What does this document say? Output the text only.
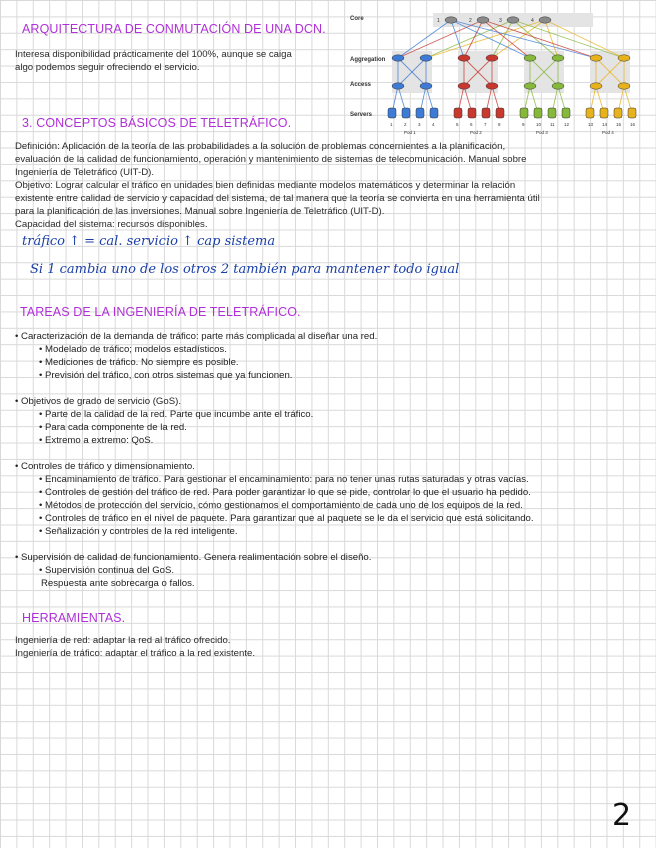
ARQUITECTURA DE CONMUTACIÓN DE UNA DCN.
Interesa disponibilidad prácticamente del 100%, aunque se caiga
algo podemos seguir ofreciendo el servicio.
1	2	3	4
1	2	3	4
Pod 1
5	6	7	8
Pod 2
9	10 11 12
Pod 3
13 14 15 16
Pod 4
Core
Aggregation
Access
Servers
3. CONCEPTOS BÁSICOS DE TELETRÁFICO.
Definición: Aplicación de la teoría de las probabilidades a la solución de problemas concernientes a la planificación,
evaluación de la calidad de funcionamiento, operación y mantenimiento de sistemas de telecomunicación. Manual sobre
Ingeniería de Teletráfico (UIT-D).
Objetivo: Lograr calcular el tráfico en unidades bien definidas mediante modelos matemáticos y determinar la relación
existente entre calidad de servicio y capacidad del sistema, de tal manera que la teoría se convierta en una herramienta útil
para la planificación de las inversiones. Manual sobre Ingeniería de Teletráfico (UIT-D).
Capacidad del sistema: recursos disponibles.
tráfico ↑ = cal. servicio ↑ cap sistema
Si 1 cambia uno de los otros 2 también para mantener todo igual
TAREAS DE LA INGENIERÍA DE TELETRÁFICO.
• Caracterización de la demanda de tráfico: parte más complicada al diseñar una red.
• Modelado de tráfico; modelos estadísticos.
• Mediciones de tráfico. No siempre es posible.
• Previsión del tráfico, con otros sistemas que ya funcionen.
• Objetivos de grado de servicio (GoS).
• Parte de la calidad de la red. Parte que incumbe ante el tráfico.
• Para cada componente de la red.
• Extremo a extremo: QoS.
• Controles de tráfico y dimensionamiento.
• Encaminamiento de tráfico. Para gestionar el encaminamiento: para no tener unas rutas saturadas y otras vacías.
• Controles de gestión del tráfico de red. Para poder garantizar lo que se pide, controlar lo que el usuario ha pedido.
• Métodos de protección del servicio, cómo gestionamos el comportamiento de cada uno de los equipos de la red.
• Controles de tráfico en el nivel de paquete. Para garantizar que al paquete se le da el servicio que está solicitando.
• Señalización y controles de la red inteligente.
• Supervisión de calidad de funcionamiento. Genera realimentación sobre el diseño.
• Supervisión continua del GoS.
Respuesta ante sobrecarga o fallos.
HERRAMIENTAS.
Ingeniería de red: adaptar la red al tráfico ofrecido.
Ingeniería de tráfico: adaptar el tráfico a la red existente.
2
